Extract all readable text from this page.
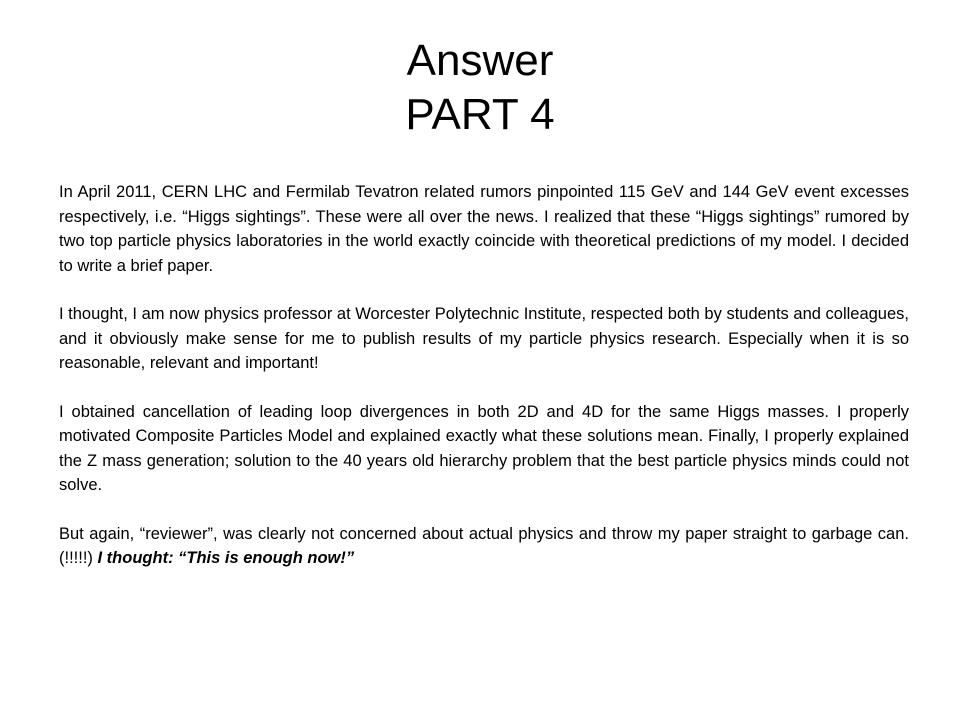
Answer
PART 4

In April 2011, CERN LHC and Fermilab Tevatron related rumors pinpointed 115 GeV and 144 GeV event excesses respectively, i.e. “Higgs sightings”. These were all over the news. I realized that these “Higgs sightings” rumored by two top particle physics laboratories in the world exactly coincide with theoretical predictions of my model. I decided to write a brief paper.

I thought, I am now physics professor at Worcester Polytechnic Institute, respected both by students and colleagues, and it obviously make sense for me to publish results of my particle physics research. Especially when it is so reasonable, relevant and important!

I obtained cancellation of leading loop divergences in both 2D and 4D for the same Higgs masses. I properly motivated Composite Particles Model and explained exactly what these solutions mean. Finally, I properly explained the Z mass generation; solution to the 40 years old hierarchy problem that the best particle physics minds could not solve.

But again, “reviewer”, was clearly not concerned about actual physics and throw my paper straight to garbage can. (!!!!!) I thought: “This is enough now!”
